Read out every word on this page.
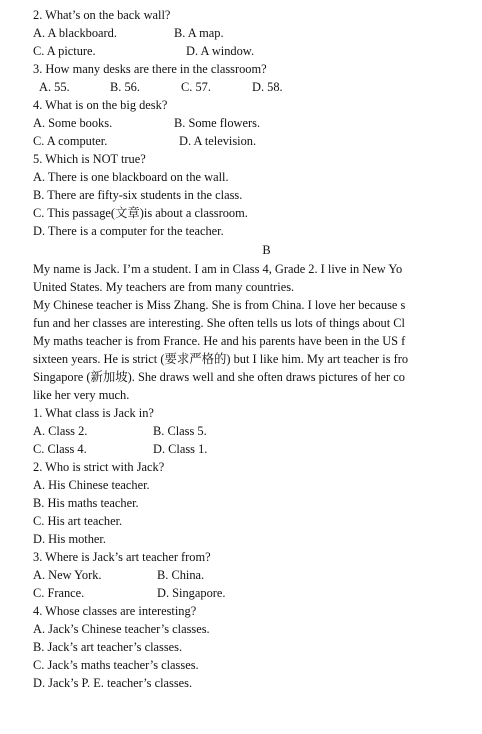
2. What’s on the back wall?

A. A blackboard.

	B. A map.

C. A picture.

	D. A window.

3. How many desks are there in the classroom?

A. 55.

	B. 56.

	C. 57.

	D. 58.

4. What is on the big desk?

A. Some books.

	B. Some flowers.

C. A computer.

	D. A television.

5. Which is NOT true?
A. There is one blackboard on the wall.
B. There are fifty-six students in the class.
C. This passage(文章)is about a classroom.
D. There is a computer for the teacher.
B
My name is Jack. I’m a student. I am in Class 4, Grade 2. I live in New Yo
United States. My teachers are from many countries.
My Chinese teacher is Miss Zhang. She is from China. I love her because s
fun and her classes are interesting. She often tells us lots of things about Cl
My maths teacher is from France. He and his parents have been in the US f
sixteen years. He is strict (要求严格的) but I like him. My art teacher is fro
Singapore (新加坡). She draws well and she often draws pictures of her co
like her very much.
1. What class is Jack in?

A. Class 2.

	B. Class 5.

C. Class 4.

	D. Class 1.

2. Who is strict with Jack?
A. His Chinese teacher.
B. His maths teacher.
C. His art teacher.
D. His mother.
3. Where is Jack’s art teacher from?

A. New York.

	B. China.

C. France.

	D. Singapore.

4. Whose classes are interesting?
A. Jack’s Chinese teacher’s classes.
B. Jack’s art teacher’s classes.
C. Jack’s maths teacher’s classes.
D. Jack’s P. E. teacher’s classes.
